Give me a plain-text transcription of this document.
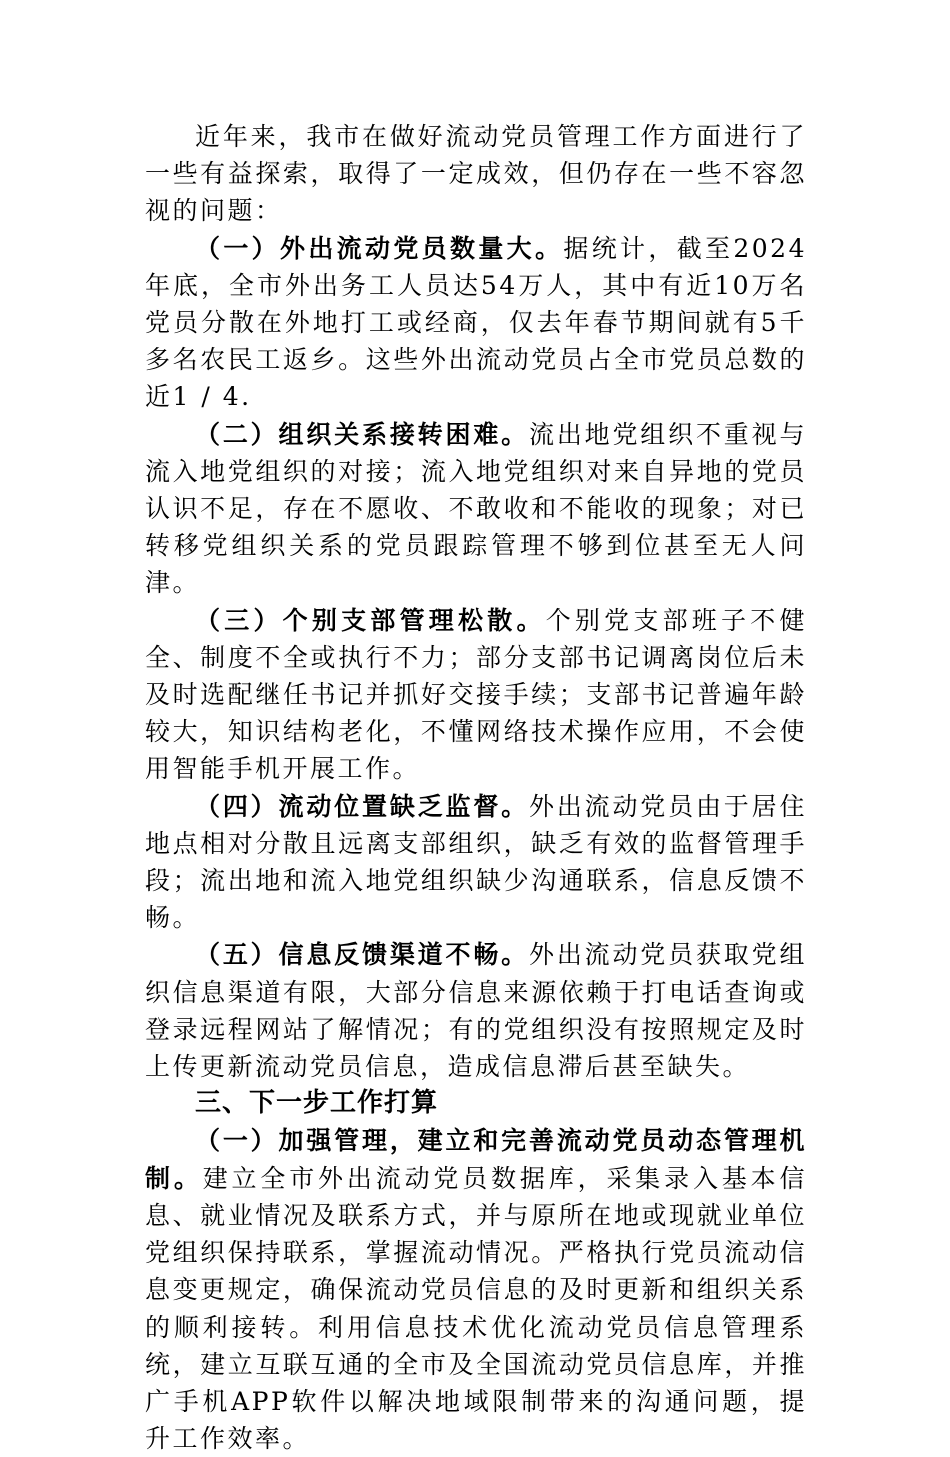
近年来，我市在做好流动党员管理工作方面进行了一些有益探索，取得了一定成效，但仍存在一些不容忽视的问题：

（一）外出流动党员数量大。据统计，截至2024年底，全市外出务工人员达54万人，其中有近10万名党员分散在外地打工或经商，仅去年春节期间就有5千多名农民工返乡。这些外出流动党员占全市党员总数的近1 / 4.

（二）组织关系接转困难。流出地党组织不重视与流入地党组织的对接；流入地党组织对来自异地的党员认识不足，存在不愿收、不敢收和不能收的现象；对已转移党组织关系的党员跟踪管理不够到位甚至无人问津。

（三）个别支部管理松散。个别党支部班子不健全、制度不全或执行不力；部分支部书记调离岗位后未及时选配继任书记并抓好交接手续；支部书记普遍年龄较大，知识结构老化，不懂网络技术操作应用，不会使用智能手机开展工作。

（四）流动位置缺乏监督。外出流动党员由于居住地点相对分散且远离支部组织，缺乏有效的监督管理手段；流出地和流入地党组织缺少沟通联系，信息反馈不畅。

（五）信息反馈渠道不畅。外出流动党员获取党组织信息渠道有限，大部分信息来源依赖于打电话查询或登录远程网站了解情况；有的党组织没有按照规定及时上传更新流动党员信息，造成信息滞后甚至缺失。

三、下一步工作打算

（一）加强管理，建立和完善流动党员动态管理机制。建立全市外出流动党员数据库，采集录入基本信息、就业情况及联系方式，并与原所在地或现就业单位党组织保持联系，掌握流动情况。严格执行党员流动信息变更规定，确保流动党员信息的及时更新和组织关系的顺利接转。利用信息技术优化流动党员信息管理系统，建立互联互通的全市及全国流动党员信息库，并推广手机APP软件以解决地域限制带来的沟通问题，提升工作效率。
